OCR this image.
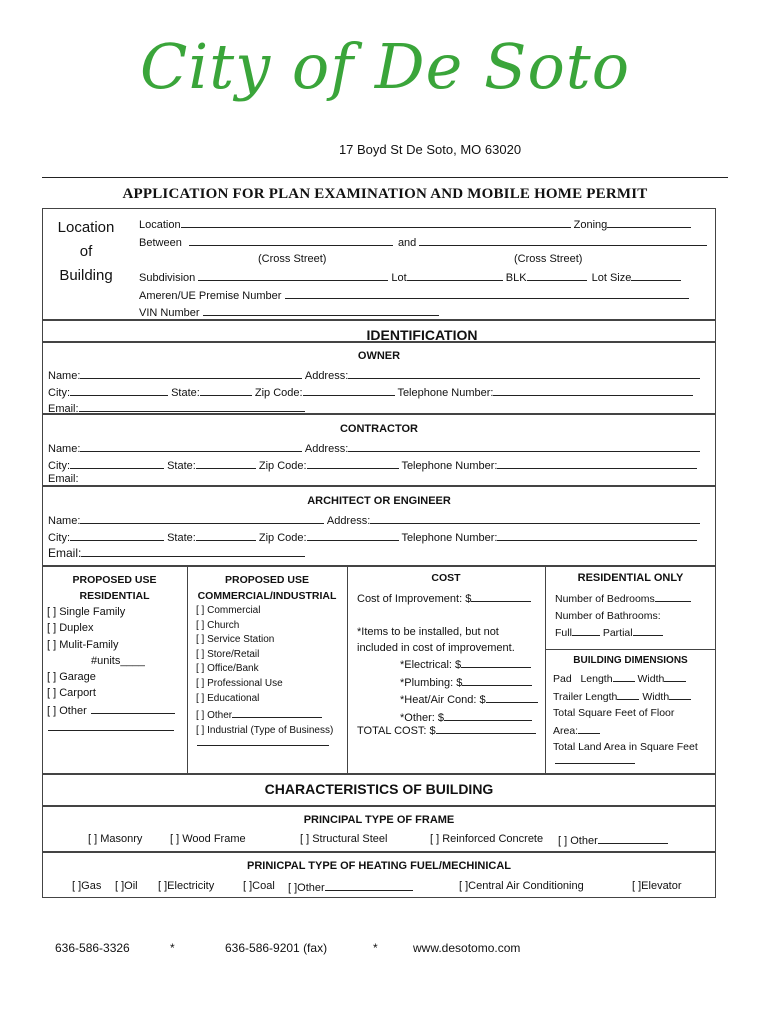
City of De Soto
17 Boyd St De Soto, MO 63020
APPLICATION FOR PLAN EXAMINATION AND MOBILE HOME PERMIT
Location
of
Building
Location	Zoning
Between	and
(Cross Street)	(Cross Street)
Subdivision	Lot	BLK	Lot Size
Ameren/UE Premise Number
VIN Number
IDENTIFICATION
OWNER
Name:	Address:
City:	State:	Zip Code:	Telephone Number:
Email:
CONTRACTOR
Name:	Address:
City:	State:	Zip Code:	Telephone Number:
Email:
ARCHITECT OR ENGINEER
Name:	Address:
City:	State:	Zip Code:	Telephone Number:
Email:
PROPOSED USE
RESIDENTIAL
[ ] Single Family
[ ] Duplex
[ ] Mulit-Family
#units____
[ ] Garage
[ ] Carport
[ ] Other
PROPOSED USE
COMMERCIAL/INDUSTRIAL
[ ] Commercial
[ ] Church
[ ] Service Station
[ ] Store/Retail
[ ] Office/Bank
[ ] Professional Use
[ ] Educational
[ ] Other
[ ] Industrial (Type of Business)
COST
Cost of Improvement: $
*Items to be installed, but not
included in cost of improvement.
*Electrical: $
*Plumbing: $
*Heat/Air Cond: $
*Other: $
TOTAL COST: $
RESIDENTIAL ONLY
Number of Bedrooms
Number of Bathrooms:
Full	Partial
BUILDING DIMENSIONS
Pad Length Width
Trailer Length Width
Total Square Feet of Floor
Area:
Total Land Area in Square Feet
CHARACTERISTICS OF BUILDING
PRINCIPAL TYPE OF FRAME
[ ] Masonry	[ ] Wood Frame	[ ] Structural Steel	[ ] Reinforced Concrete [ ] Other
PRINICPAL TYPE OF HEATING FUEL/MECHINICAL
[ ]Gas [ ]Oil [ ]Electricity	[ ]Coal [ ]Other	[ ]Central Air Conditioning	[ ]Elevator
636-586-3326	*	636-586-9201 (fax)	*	www.desotomo.com
